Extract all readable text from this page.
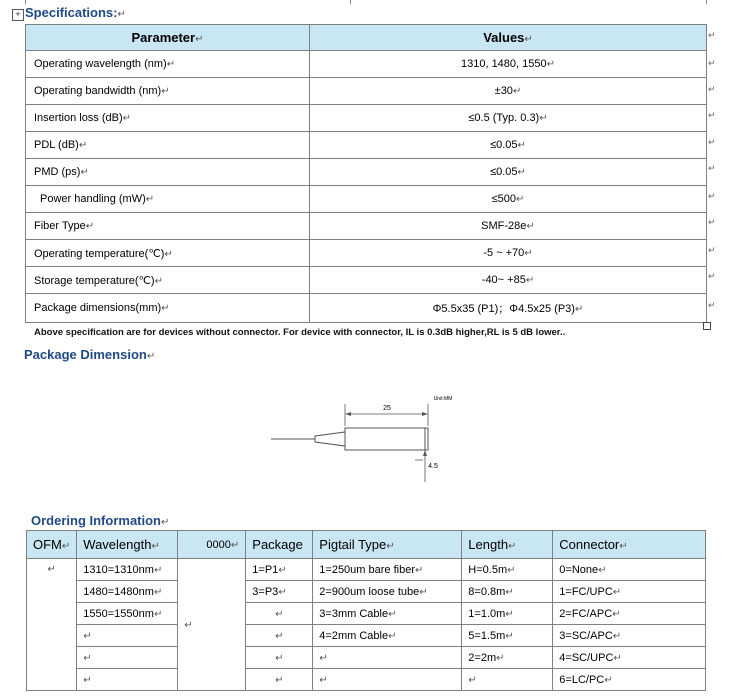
+ Specifications:↵
Parameter↵	Values↵
Operating wavelength (nm)↵	1310, 1480, 1550↵
Operating bandwidth (nm)↵	±30↵
Insertion loss (dB)↵	≤0.5 (Typ. 0.3)↵
PDL (dB)↵	≤0.05↵
PMD (ps)↵	≤0.05↵
Power handling (mW)↵	≤500↵
Fiber Type↵	SMF-28e↵
Operating temperature(℃)↵	-5 ~ +70↵
Storage temperature(℃)↵	-40~ +85↵
Package dimensions(mm)↵	Φ5.5x35 (P1)；Φ4.5x25 (P3)↵
↵
↵
↵
↵
↵
↵
↵
↵
↵
↵
↵
Above specification are for devices without connector. For device with connector, IL is 0.3dB higher,RL is 5 dB lower..
Package Dimension↵
25
Unit:MM
4.5
Ordering Information↵
OFM↵	Wavelength↵	0000↵	Package	Pigtail Type↵	Length↵	Connector↵
↵	1310=1310nm↵	↵	1=P1↵	1=250um bare fiber↵	H=0.5m↵	0=None↵
	1480=1480nm↵		3=P3↵	2=900um loose tube↵	8=0.8m↵	1=FC/UPC↵
	1550=1550nm↵		↵	3=3mm Cable↵	1=1.0m↵	2=FC/APC↵
	↵		↵	4=2mm Cable↵	5=1.5m↵	3=SC/APC↵
	↵		↵	↵	2=2m↵	4=SC/UPC↵
	↵		↵	↵	↵	6=LC/PC↵
